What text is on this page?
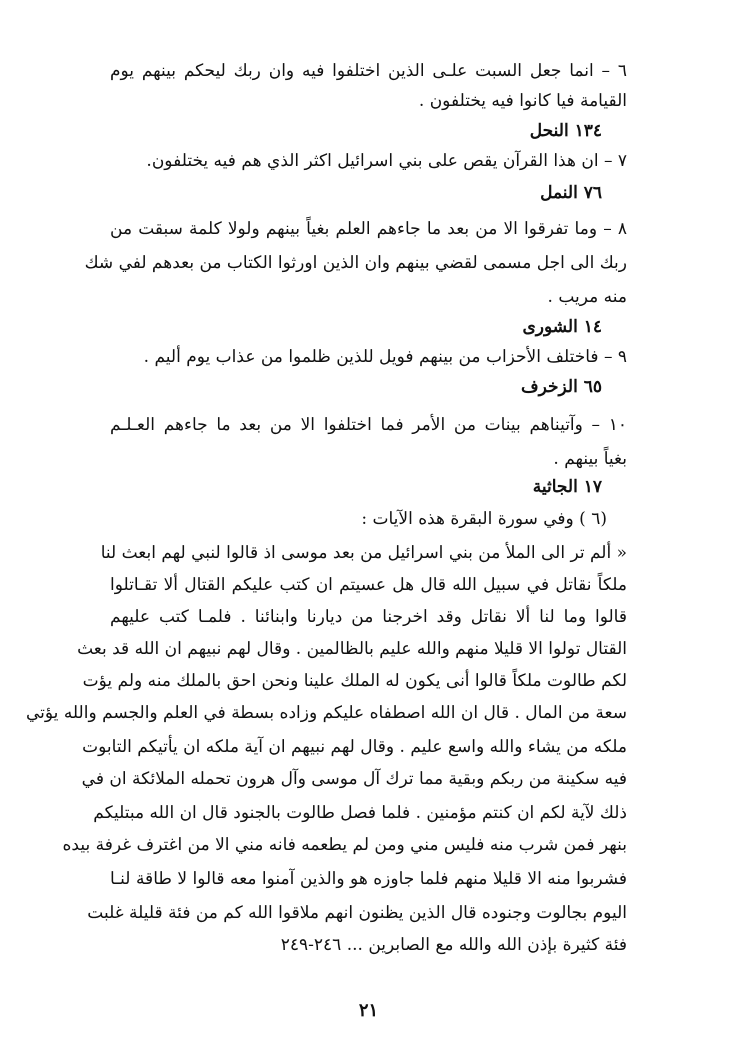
٦ – انما جعل السبت علـى الذين اختلفوا فيه وان ربك ليحكم بينهم يوم
القيامة فيا كانوا فيه يختلفون .
١٣٤ النحل
٧ – ان هذا القرآن يقص على بني اسرائيل اكثر الذي هم فيه يختلفون.
٧٦ النمل
٨ – وما تفرقوا الا من بعد ما جاءهم العلم بغياً بينهم ولولا كلمة سبقت من
ربك الى اجل مسمى لقضي بينهم وان الذين اورثوا الكتاب من بعدهم لفي شك
منه مريب .
١٤ الشورى
٩ – فاختلف الأحزاب من بينهم فويل للذين ظلموا من عذاب يوم أليم .
٦٥ الزخرف
١٠ – وآتيناهم بينات من الأمر فما اختلفوا الا من بعد ما جاءهم العـلـم
بغياً بينهم .
١٧ الجاثية
(٦ ) وفي سورة البقرة هذه الآيات :
« ألم تر الى الملأ من بني اسرائيل من بعد موسى اذ قالوا لنبي لهم ابعث لنا
ملكاً نقاتل في سبيل الله قال هل عسيتم ان كتب عليكم القتال ألا تقـاتلوا
قالوا وما لنا ألا نقاتل وقد اخرجنا من ديارنا وابنائنا . فلمـا كتب عليهم
القتال تولوا الا قليلا منهم والله عليم بالظالمين . وقال لهم نبيهم ان الله قد بعث
لكم طالوت ملكاً قالوا أنى يكون له الملك علينا ونحن احق بالملك منه ولم يؤت
سعة من المال . قال ان الله اصطفاه عليكم وزاده بسطة في العلم والجسم والله يؤتي
ملكه من يشاء والله واسع عليم . وقال لهم نبيهم ان آية ملكه ان يأتيكم التابوت
فيه سكينة من ربكم وبقية مما ترك آل موسى وآل هرون تحمله الملائكة ان في
ذلك لآية لكم ان كنتم مؤمنين . فلما فصل طالوت بالجنود قال ان الله مبتليكم
بنهر فمن شرب منه فليس مني ومن لم يطعمه فانه مني الا من اغترف غرفة بيده
فشربوا منه الا قليلا منهم فلما جاوزه هو والذين آمنوا معه قالوا لا طاقة لنـا
اليوم بجالوت وجنوده قال الذين يظنون انهم ملاقوا الله كم من فئة قليلة غلبت
فئة كثيرة بإذن الله والله مع الصابرين ... ٢٤٦-٢٤٩
٢١
